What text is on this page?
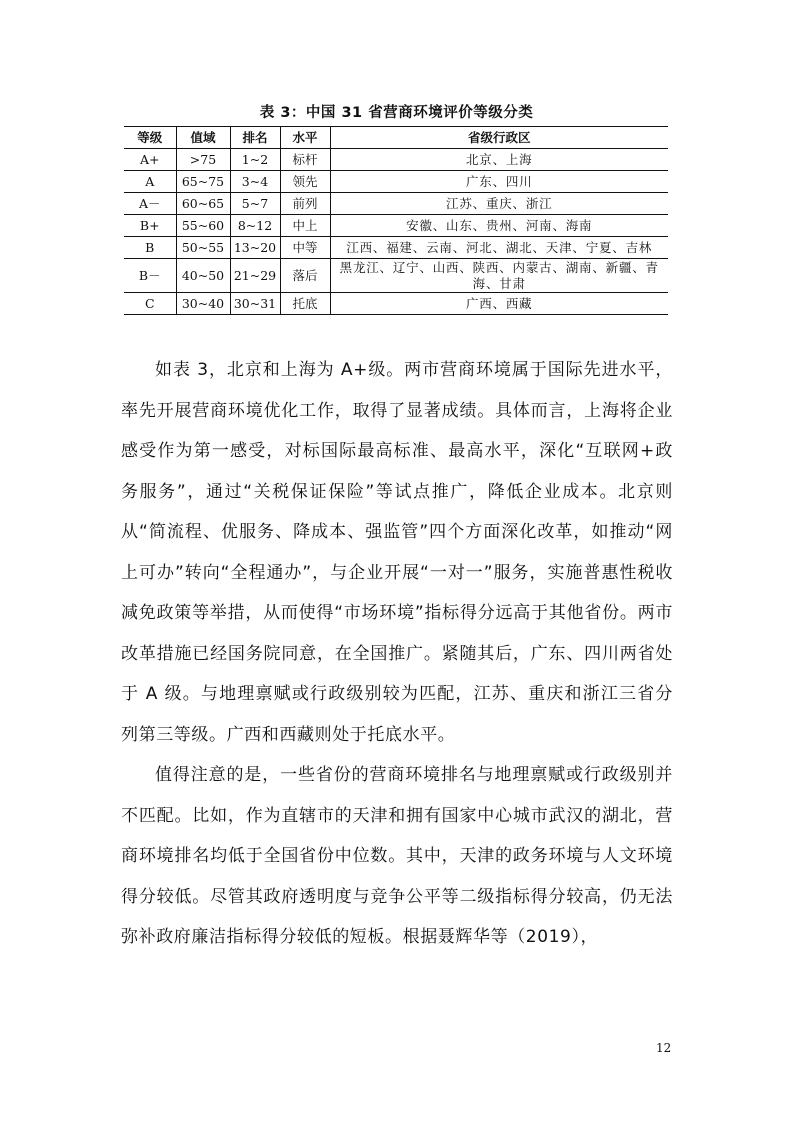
表 3：中国 31 省营商环境评价等级分类
等级	值域	排名	水平	省级行政区
A+	>75	1~2	标杆	北京、上海
A	65~75	3~4	领先	广东、四川
A－	60~65	5~7	前列	江苏、重庆、浙江
B+	55~60	8~12	中上	安徽、山东、贵州、河南、海南
B	50~55	13~20	中等	江西、福建、云南、河北、湖北、天津、宁夏、吉林
B－	40~50	21~29	落后	黑龙江、辽宁、山西、陕西、内蒙古、湖南、新疆、青海、甘肃
C	30~40	30~31	托底	广西、西藏

如表 3，北京和上海为 A+级。两市营商环境属于国际先进水平，率先开展营商环境优化工作，取得了显著成绩。具体而言，上海将企业感受作为第一感受，对标国际最高标准、最高水平，深化“互联网+政务服务”，通过“关税保证保险”等试点推广，降低企业成本。北京则从“简流程、优服务、降成本、强监管”四个方面深化改革，如推动“网上可办”转向“全程通办”，与企业开展“一对一”服务，实施普惠性税收减免政策等举措，从而使得“市场环境”指标得分远高于其他省份。两市改革措施已经国务院同意，在全国推广。紧随其后，广东、四川两省处于 A 级。与地理禀赋或行政级别较为匹配，江苏、重庆和浙江三省分列第三等级。广西和西藏则处于托底水平。

值得注意的是，一些省份的营商环境排名与地理禀赋或行政级别并不匹配。比如，作为直辖市的天津和拥有国家中心城市武汉的湖北，营商环境排名均低于全国省份中位数。其中，天津的政务环境与人文环境得分较低。尽管其政府透明度与竞争公平等二级指标得分较高，仍无法弥补政府廉洁指标得分较低的短板。根据聂辉华等（2019），

12
